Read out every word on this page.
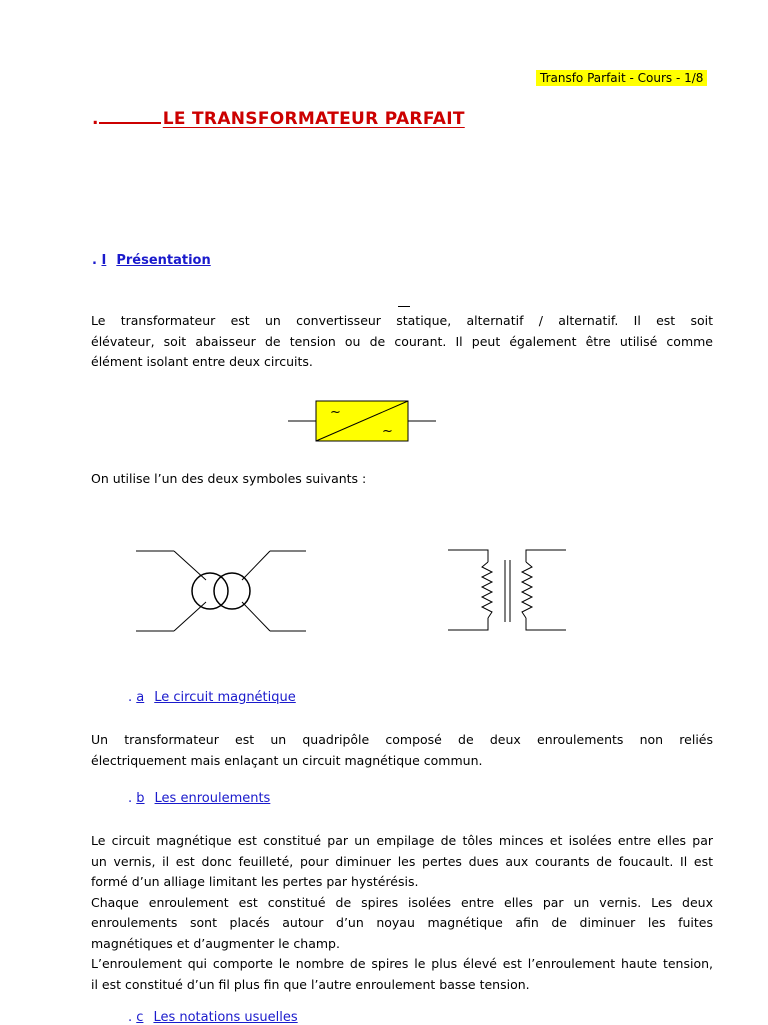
Transfo Parfait - Cours - 1/8
.	LE TRANSFORMATEUR PARFAIT
. I Présentation
Le transformateur est un convertisseur statique, alternatif / alternatif. Il est soit
élévateur, soit abaisseur de tension ou de courant. Il peut également être utilisé comme
élément isolant entre deux circuits.
~
~
On utilise l’un des deux symboles suivants :
. a Le circuit magnétique
Un transformateur est un quadripôle composé de deux enroulements non reliés
électriquement mais enlaçant un circuit magnétique commun.
. b Les enroulements
Le circuit magnétique est constitué par un empilage de tôles minces et isolées entre elles par
un vernis, il est donc feuilleté, pour diminuer les pertes dues aux courants de foucault. Il est
formé d’un alliage limitant les pertes par hystérésis.
Chaque enroulement est constitué de spires isolées entre elles par un vernis. Les deux
enroulements sont placés autour d’un noyau magnétique afin de diminuer les fuites
magnétiques et d’augmenter le champ.
L’enroulement qui comporte le nombre de spires le plus élevé est l’enroulement haute tension,
il est constitué d’un fil plus fin que l’autre enroulement basse tension.
. c Les notations usuelles
